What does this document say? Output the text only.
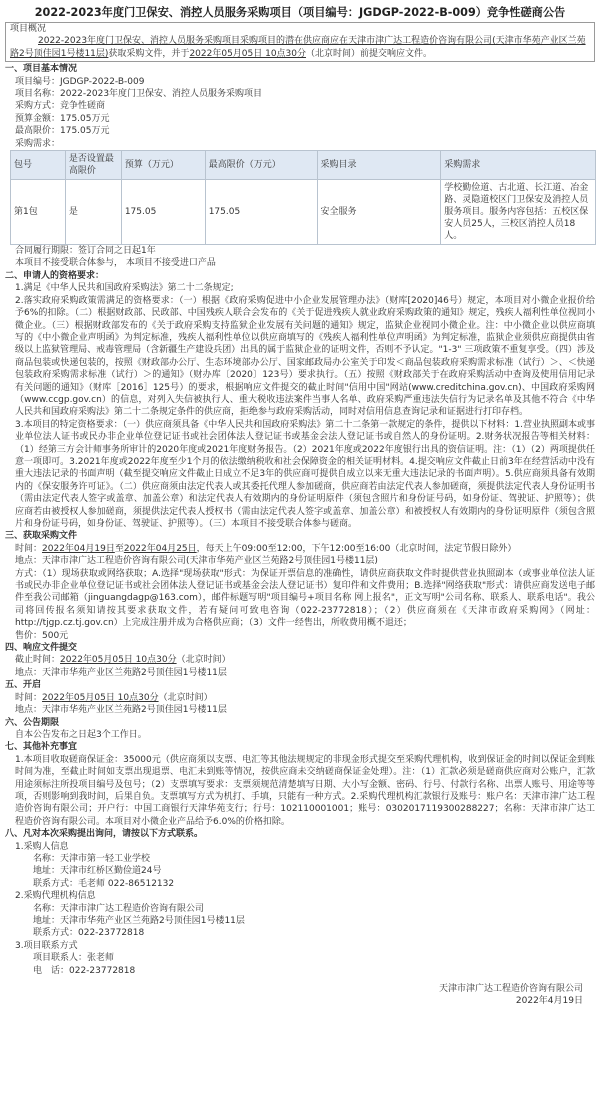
2022-2023年度门卫保安、消控人员服务采购项目（项目编号：JGDGP-2022-B-009）竞争性磋商公告

项目概况

2022-2023年度门卫保安、消控人员服务采购项目采购项目的潜在供应商应在天津市津广达工程造价咨询有限公司(天津市华苑产业区兰苑路2号顶佳园1号楼11层)获取采购文件，并于2022年05月05日 10点30分（北京时间）前提交响应文件。

一、项目基本情况
项目编号：JGDGP-2022-B-009
项目名称：2022-2023年度门卫保安、消控人员服务采购项目
采购方式：竞争性磋商
预算金额：175.05万元
最高限价：175.05万元
采购需求：
包号	是否设置最高限价	预算（万元）	最高限价（万元）	采购目录	采购需求
第1包	是	175.05	175.05	安全服务	学校勤俭道、古北道、长江道、冶金路、灵隐道校区门卫保安及消控人员服务项目。服务内容包括：五校区保安人员25人，三校区消控人员18人。
合同履行期限：签订合同之日起1年
本项目不接受联合体参与， 本项目不接受进口产品
二、申请人的资格要求：
1.满足《中华人民共和国政府采购法》第二十二条规定;
2.落实政府采购政策需满足的资格要求：（一）根据《政府采购促进中小企业发展管理办法》（财库[2020]46号）规定，本项目对小微企业报价给予6%的扣除。（二）根据财政部、民政部、中国残疾人联合会发布的《关于促进残疾人就业政府采购政策的通知》规定，残疾人福利性单位视同小微企业。（三）根据财政部发布的《关于政府采购支持监狱企业发展有关问题的通知》规定，监狱企业视同小微企业。注：中小微企业以供应商填写的《中小微企业声明函》为判定标准，残疾人福利性单位以供应商填写的《残疾人福利性单位声明函》为判定标准，监狱企业须供应商提供由省级以上监狱管理局、戒毒管理局（含新疆生产建设兵团）出具的属于监狱企业的证明文件，否则不予认定。"1-3" 三项政策不重复享受。（四）涉及商品包装或快递包装的，按照《财政部办公厅、生态环境部办公厅、国家邮政局办公室关于印发＜商品包装政府采购需求标准（试行）＞、＜快递包装政府采购需求标准（试行）＞的通知》（财办库〔2020〕123号）要求执行。（五）按照《财政部关于在政府采购活动中查询及使用信用记录有关问题的通知》（财库［2016］125号）的要求，根据响应文件提交的截止时间"信用中国"网站(www.creditchina.gov.cn)、中国政府采购网（www.ccgp.gov.cn）的信息，对列入失信被执行人、重大税收违法案件当事人名单、政府采购严重违法失信行为记录名单及其他不符合《中华人民共和国政府采购法》第二十二条规定条件的供应商，拒绝参与政府采购活动，同时对信用信息查询记录和证据进行打印存档。
3.本项目的特定资格要求：（一）供应商须具备《中华人民共和国政府采购法》第二十二条第一款规定的条件，提供以下材料：1.营业执照副本或事业单位法人证书或民办非企业单位登记证书或社会团体法人登记证书或基金会法人登记证书或自然人的身份证明。2.财务状况报告等相关材料：（1）经第三方会计师事务所审计的2020年度或2021年度财务报告。（2）2021年度或2022年度银行出具的资信证明。注：（1）（2）两项提供任意一项即可。3.2021年度或2022年度至少1个月的依法缴纳税收和社会保障资金的相关证明材料。4.提交响应文件截止日前3年在经营活动中没有重大违法记录的书面声明（截至提交响应文件截止日成立不足3年的供应商可提供自成立以来无重大违法记录的书面声明）。5.供应商须具备有效期内的《保安服务许可证》。（二）供应商须由法定代表人或其委托代理人参加磋商，供应商若由法定代表人参加磋商，须提供法定代表人身份证明书（需由法定代表人签字或盖章、加盖公章）和法定代表人有效期内的身份证明原件（须包含照片和身份证号码，如身份证、驾驶证、护照等）；供应商若由被授权人参加磋商，须提供法定代表人授权书（需由法定代表人签字或盖章、加盖公章）和被授权人有效期内的身份证明原件（须包含照片和身份证号码，如身份证、驾驶证、护照等）。（三）本项目不接受联合体参与磋商。
三、获取采购文件
时间：2022年04月19日至2022年04月25日，每天上午09:00至12:00，下午12:00至16:00（北京时间，法定节假日除外）
地点：天津市津广达工程造价咨询有限公司(天津市华苑产业区兰苑路2号顶佳园1号楼11层)
方式：（1）现场获取或网络获取；A.选择"现场获取"形式：为保证开票信息的准确性，请供应商获取文件时提供营业执照副本（或事业单位法人证书或民办非企业单位登记证书或社会团体法人登记证书或基金会法人登记证书）复印件和文件费用；B.选择"网络获取"形式：请供应商发送电子邮件至我公司邮箱（jinguangdagp@163.com），邮件标题写明"项目编号+项目名称 网上报名"，正文写明"公司名称、联系人、联系电话"。我公司将回传报名须知请按其要求获取文件，若有疑问可致电咨询（022-23772818）；（2）供应商须在《天津市政府采购网》（网址：http://tjgp.cz.tj.gov.cn）上完成注册并成为合格供应商；（3）文件一经售出，所收费用概不退还；
售价：500元
四、响应文件提交
截止时间：2022年05月05日 10点30分（北京时间）
地点：天津市华苑产业区兰苑路2号顶佳园1号楼11层
五、开启
时间：2022年05月05日 10点30分（北京时间）
地点：天津市华苑产业区兰苑路2号顶佳园1号楼11层
六、公告期限
自本公告发布之日起3个工作日。
七、其他补充事宜
1.本项目收取磋商保证金：35000元（供应商须以支票、电汇等其他法规规定的非现金形式提交至采购代理机构，收到保证金的时间以保证金到账时间为准，至截止时间如支票出现退票、电汇未到账等情况，按供应商未交纳磋商保证金处理）。注：（1）汇款必须是磋商供应商对公账户，汇款用途须标注所投项目编号及包号；（2）支票填写要求：支票须规范清楚填写日期、大小写金额、密码、行号、付款行名称、出票人账号、用途等等项，否则影响到我时间，后果自负。支票填写方式为机打、手填，只能有一种方式。2.采购代理机构汇款银行及账号：账户名：天津市津广达工程造价咨询有限公司；开户行：中国工商银行天津华苑支行；行号：102110001001；账号：0302017119300288227；名称：天津市津广达工程造价咨询有限公司。本项目对小微企业产品给予6.0%的价格扣除。
八、凡对本次采购提出询问，请按以下方式联系。
1.采购人信息
名称：天津市第一轻工业学校
地址：天津市红桥区勤俭道24号
联系方式：毛老师 022-86512132
2.采购代理机构信息
名称：天津市津广达工程造价咨询有限公司
地址：天津市华苑产业区兰苑路2号顶佳园1号楼11层
联系方式：022-23772818
3.项目联系方式
项目联系人：张老师
电　话：022-23772818
天津市津广达工程造价咨询有限公司
2022年4月19日
